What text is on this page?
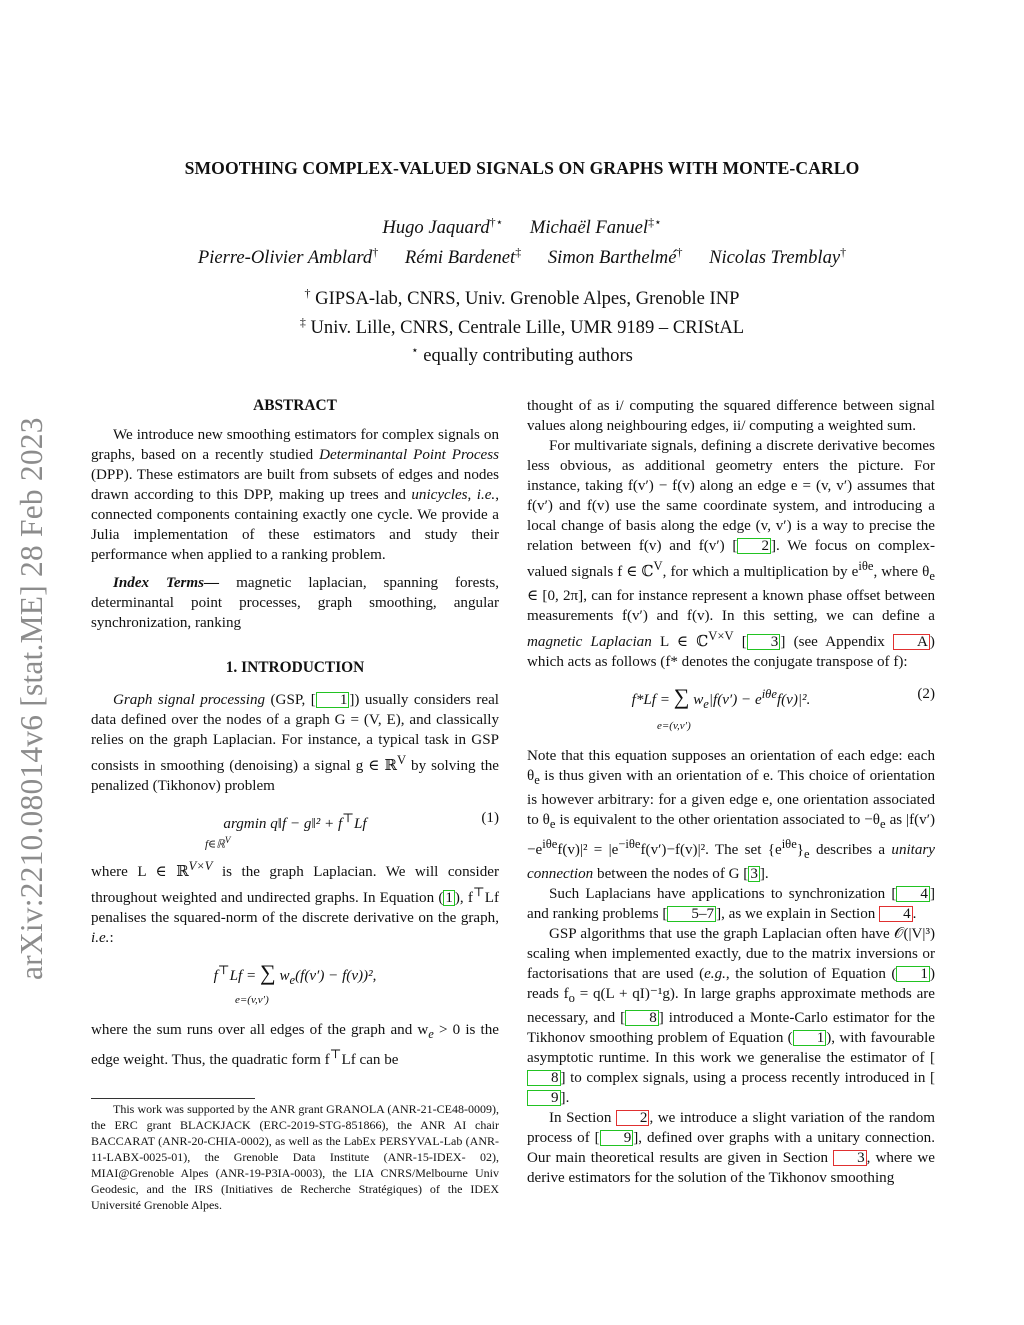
arXiv:2210.08014v6 [stat.ME] 28 Feb 2023
SMOOTHING COMPLEX-VALUED SIGNALS ON GRAPHS WITH MONTE-CARLO
Hugo Jaquard†⋆ Michaël Fanuel‡⋆
Pierre-Olivier Amblard† Rémi Bardenet‡ Simon Barthelmé† Nicolas Tremblay†
† GIPSA-lab, CNRS, Univ. Grenoble Alpes, Grenoble INP
‡ Univ. Lille, CNRS, Centrale Lille, UMR 9189 – CRIStAL
⋆ equally contributing authors
ABSTRACT

We introduce new smoothing estimators for complex signals on graphs, based on a recently studied Determinantal Point Process (DPP). These estimators are built from subsets of edges and nodes drawn according to this DPP, making up trees and unicycles, i.e., connected components containing exactly one cycle. We provide a Julia implementation of these estimators and study their performance when applied to a ranking problem.

Index Terms— magnetic laplacian, spanning forests, determinantal point processes, graph smoothing, angular synchronization, ranking

1. INTRODUCTION

Graph signal processing (GSP, [ 1 ]) usually considers real data defined over the nodes of a graph G = (V, E), and classically relies on the graph Laplacian. For instance, a typical task in GSP consists in smoothing (denoising) a signal g ∈ ℝ$^V$ by solving the penalized (Tikhonov) problem

argmin q‖f − g‖² + f⊤Lf
f∈ℝ$^V$
(1)

where L ∈ ℝ$^{V\times V}$ is the graph Laplacian. We will consider throughout weighted and undirected graphs. In Equation ( 1 ), f⊤Lf penalises the squared-norm of the discrete derivative on the graph, i.e.:

f⊤Lf = ∑ $w_e(f(v') - f(v))^2$,
e=(v,v′)

where the sum runs over all edges of the graph and $w_e > 0$ is the edge weight. Thus, the quadratic form f⊤Lf can be

This work was supported by the ANR grant GRANOLA (ANR-21-CE48-0009), the ERC grant BLACKJACK (ERC-2019-STG-851866), the ANR AI chair BACCARAT (ANR-20-CHIA-0002), as well as the LabEx PERSYVAL-Lab (ANR-11-LABX-0025-01), the Grenoble Data Institute (ANR-15-IDEX- 02), MIAI@Grenoble Alpes (ANR-19-P3IA-0003), the LIA CNRS/Melbourne Univ Geodesic, and the IRS (Initiatives de Recherche Stratégiques) of the IDEX Université Grenoble Alpes.

thought of as i/ computing the squared difference between signal values along neighbouring edges, ii/ computing a weighted sum.

For multivariate signals, defining a discrete derivative becomes less obvious, as additional geometry enters the picture. For instance, taking f(v′) − f(v) along an edge e = (v, v′) assumes that f(v′) and f(v) use the same coordinate system, and introducing a local change of basis along the edge (v, v′) is a way to precise the relation between f(v) and f(v′) [ 2 ]. We focus on complex-valued signals f ∈ ℂ$^V$, for which a multiplication by $e^{i\theta e}$, where $\theta_e$ ∈ [0, 2π], can for instance represent a known phase offset between measurements f(v′) and f(v). In this setting, we can define a magnetic Laplacian L ∈ ℂ$^{V\times V}$ [ 3 ] (see Appendix A ) which acts as follows (f* denotes the conjugate transpose of f):

f*Lf = ∑ $w_e|f(v') - e^{i\theta e}f(v)|^2$.
e=(v,v′)
(2)

Note that this equation supposes an orientation of each edge: each $\theta_e$ is thus given with an orientation of e. This choice of orientation is however arbitrary: for a given edge e, one orientation associated to $\theta_e$ is equivalent to the other orientation associated to $-\theta_e$ as $|f(v')-e^{i\theta e}f(v)|^2 = |e^{-i\theta e}f(v')-f(v)|^2$. The set $\{e^{i\theta e}\}_e$ describes a unitary connection between the nodes of G [ 3 ].

Such Laplacians have applications to synchronization [ 4 ] and ranking problems [ 5–7 ], as we explain in Section 4 .

GSP algorithms that use the graph Laplacian often have 𝒪(|V|³) scaling when implemented exactly, due to the matrix inversions or factorisations that are used (e.g., the solution of Equation ( 1 ) reads $f_o = q(L + qI)^{-1}g$). In large graphs approximate methods are necessary, and [ 8 ] introduced a Monte-Carlo estimator for the Tikhonov smoothing problem of Equation ( 1 ), with favourable asymptotic runtime. In this work we generalise the estimator of [8 ] to complex signals, using a process recently introduced in [9 ].

In Section 2 , we introduce a slight variation of the random process of [ 9 ], defined over graphs with a unitary connection. Our main theoretical results are given in Section 3 , where we derive estimators for the solution of the Tikhonov smoothing
